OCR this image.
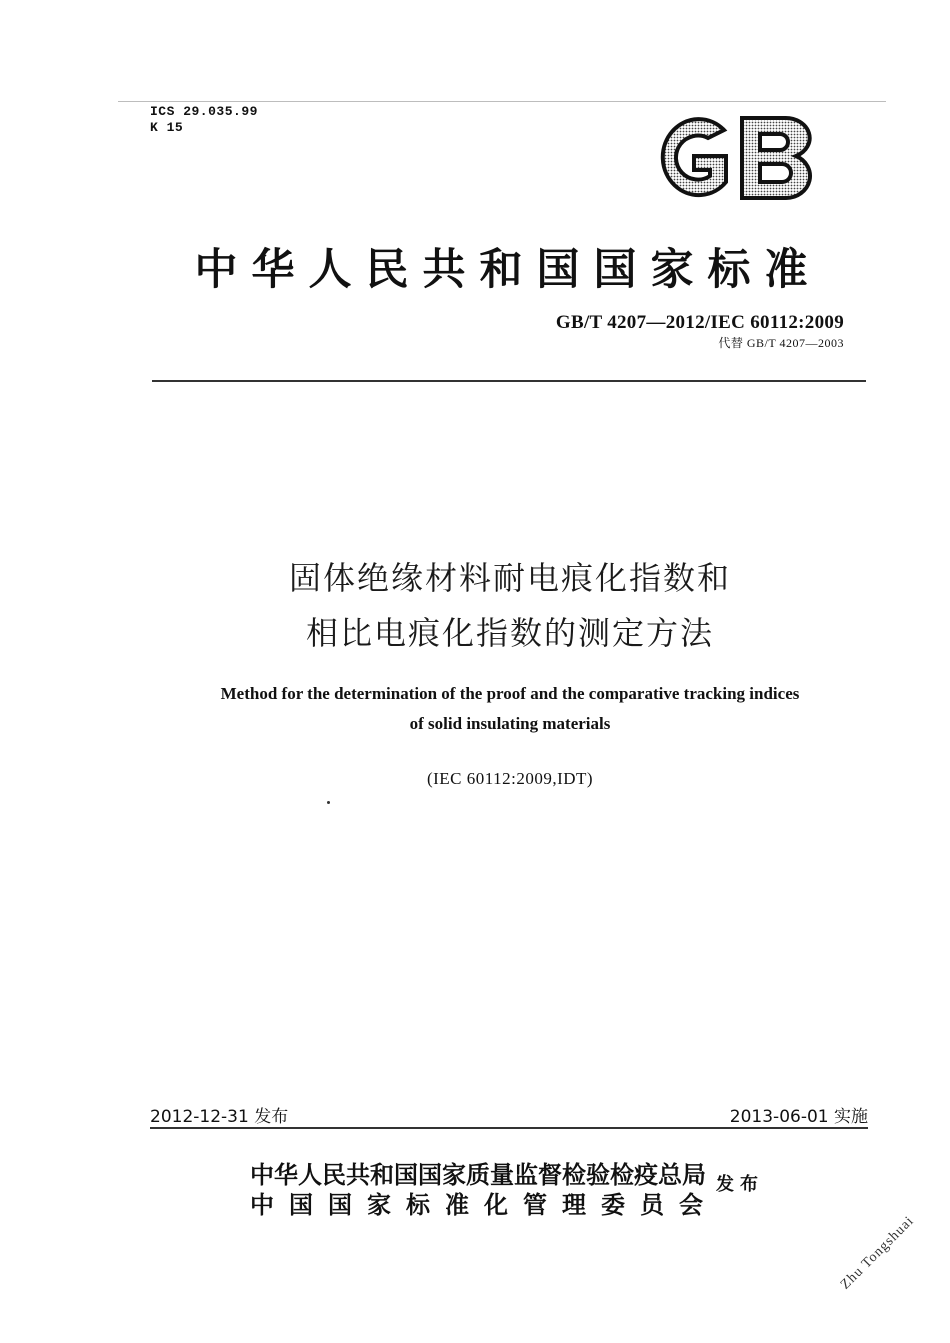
ICS 29.035.99
K 15
中华人民共和国国家标准
GB/T 4207—2012/IEC 60112:2009
代替 GB/T 4207—2003
固体绝缘材料耐电痕化指数和
相比电痕化指数的测定方法
Method for the determination of the proof and the comparative tracking indices
of solid insulating materials
(IEC 60112:2009,IDT)
2012-12-31 发布	2013-06-01 实施
中华人民共和国国家质量监督检验检疫总局
中国国家标准化管理委员会
发布
Zhu Tongshuai
